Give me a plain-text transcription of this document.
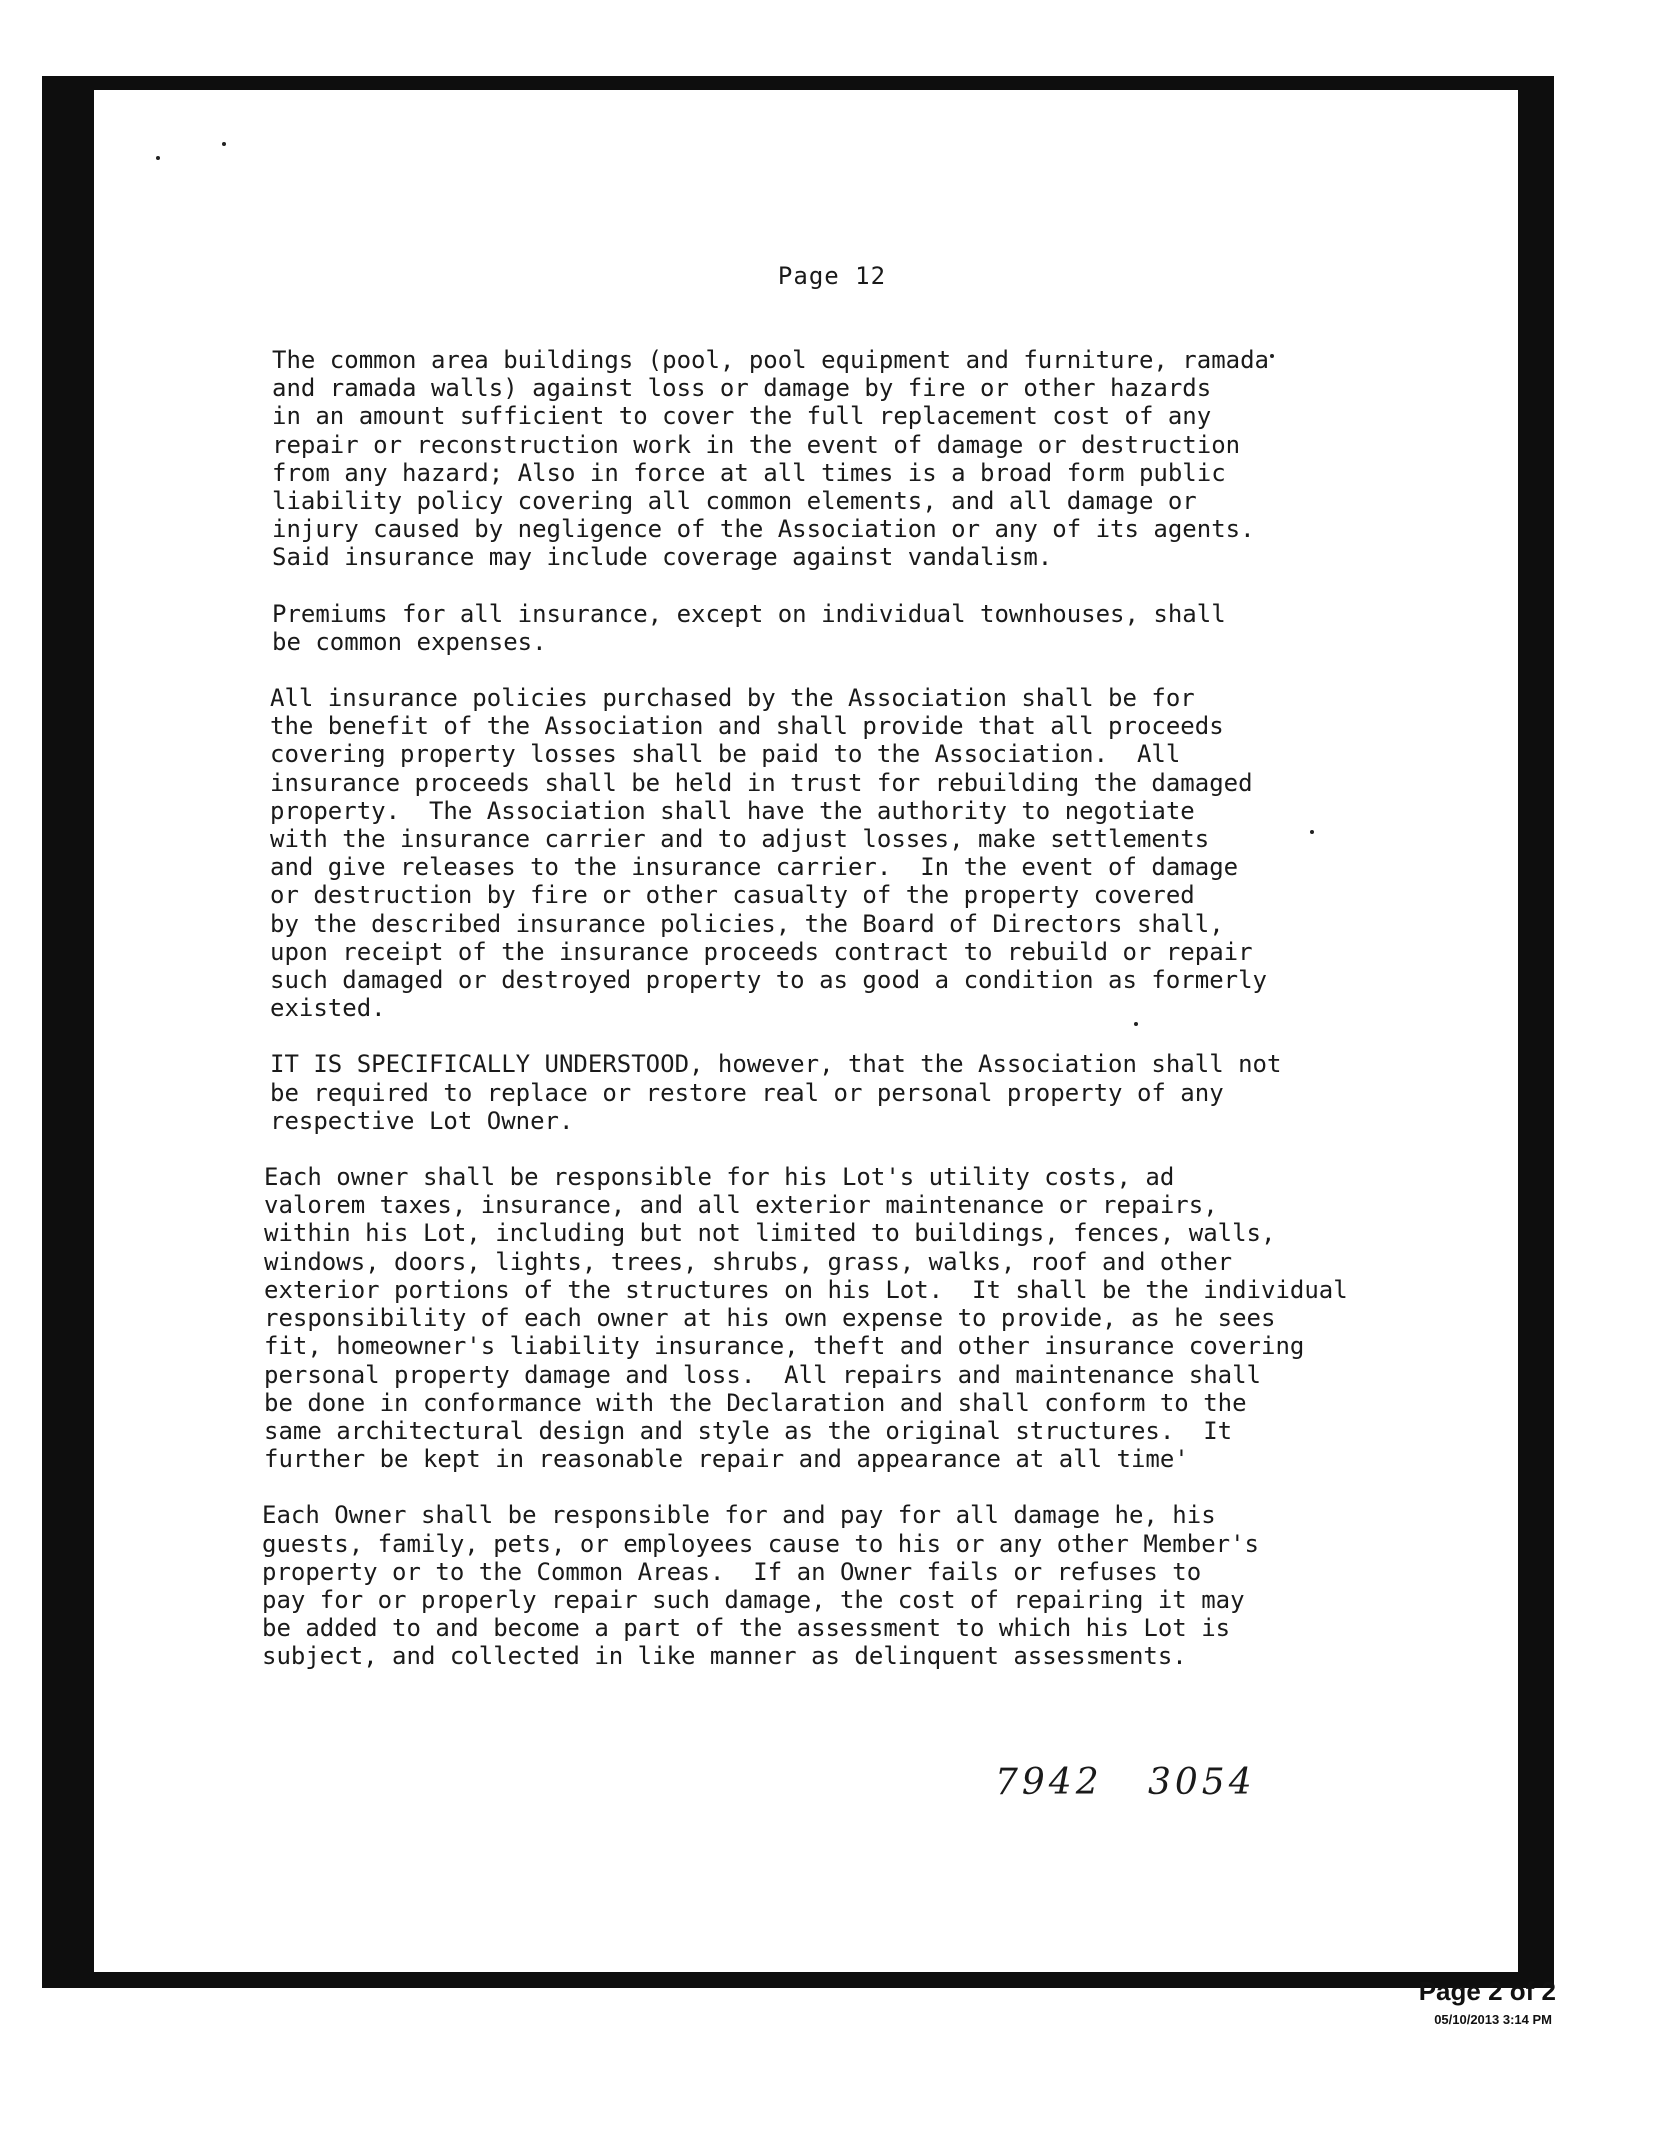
Page 12

The common area buildings (pool, pool equipment and furniture, ramada
and ramada walls) against loss or damage by fire or other hazards
in an amount sufficient to cover the full replacement cost of any
repair or reconstruction work in the event of damage or destruction
from any hazard; Also in force at all times is a broad form public
liability policy covering all common elements, and all damage or
injury caused by negligence of the Association or any of its agents.
Said insurance may include coverage against vandalism.

Premiums for all insurance, except on individual townhouses, shall
be common expenses.

All insurance policies purchased by the Association shall be for
the benefit of the Association and shall provide that all proceeds
covering property losses shall be paid to the Association.  All
insurance proceeds shall be held in trust for rebuilding the damaged
property.  The Association shall have the authority to negotiate
with the insurance carrier and to adjust losses, make settlements
and give releases to the insurance carrier.  In the event of damage
or destruction by fire or other casualty of the property covered
by the described insurance policies, the Board of Directors shall,
upon receipt of the insurance proceeds contract to rebuild or repair
such damaged or destroyed property to as good a condition as formerly
existed.

IT IS SPECIFICALLY UNDERSTOOD, however, that the Association shall not
be required to replace or restore real or personal property of any
respective Lot Owner.

Each owner shall be responsible for his Lot's utility costs, ad
valorem taxes, insurance, and all exterior maintenance or repairs,
within his Lot, including but not limited to buildings, fences, walls,
windows, doors, lights, trees, shrubs, grass, walks, roof and other
exterior portions of the structures on his Lot.  It shall be the individual
responsibility of each owner at his own expense to provide, as he sees
fit, homeowner's liability insurance, theft and other insurance covering
personal property damage and loss.  All repairs and maintenance shall
be done in conformance with the Declaration and shall conform to the
same architectural design and style as the original structures.  It
further be kept in reasonable repair and appearance at all time'

Each Owner shall be responsible for and pay for all damage he, his
guests, family, pets, or employees cause to his or any other Member's
property or to the Common Areas.  If an Owner fails or refuses to
pay for or properly repair such damage, the cost of repairing it may
be added to and become a part of the assessment to which his Lot is
subject, and collected in like manner as delinquent assessments.

7942 3054
Page 2 of 2
05/10/2013 3:14 PM
